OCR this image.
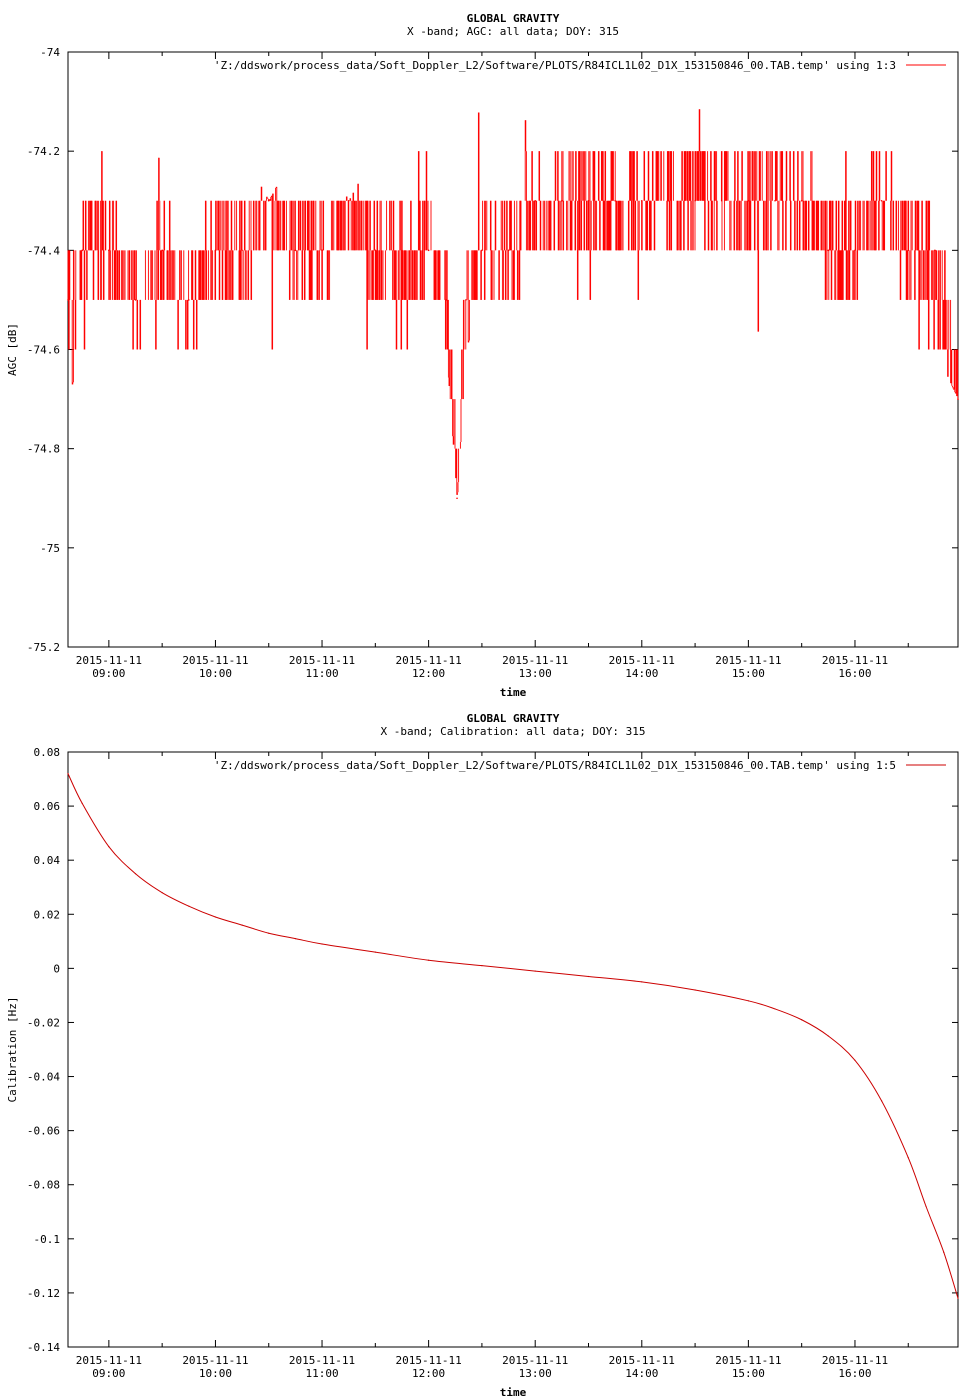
GLOBAL GRAVITY
X -band; AGC: all data; DOY: 315
-74
-74.2
-74.4
-74.6
-74.8
-75
-75.2
2015-11-11 09:00
2015-11-11 10:00
2015-11-11 11:00
2015-11-11 12:00
2015-11-11 13:00
2015-11-11 14:00
2015-11-11 15:00
2015-11-11 16:00
time
AGC [dB]
'Z:/ddswork/process_data/Soft_Doppler_L2/Software/PLOTS/R84ICL1L02_D1X_153150846_00.TAB.temp' using 1:3
GLOBAL GRAVITY
X -band; Calibration: all data; DOY: 315
0.08
0.06
0.04
0.02
0
-0.02
-0.04
-0.06
-0.08
-0.1
-0.12
-0.14
2015-11-11 09:00
2015-11-11 10:00
2015-11-11 11:00
2015-11-11 12:00
2015-11-11 13:00
2015-11-11 14:00
2015-11-11 15:00
2015-11-11 16:00
time
Calibration [Hz]
'Z:/ddswork/process_data/Soft_Doppler_L2/Software/PLOTS/R84ICL1L02_D1X_153150846_00.TAB.temp' using 1:5
